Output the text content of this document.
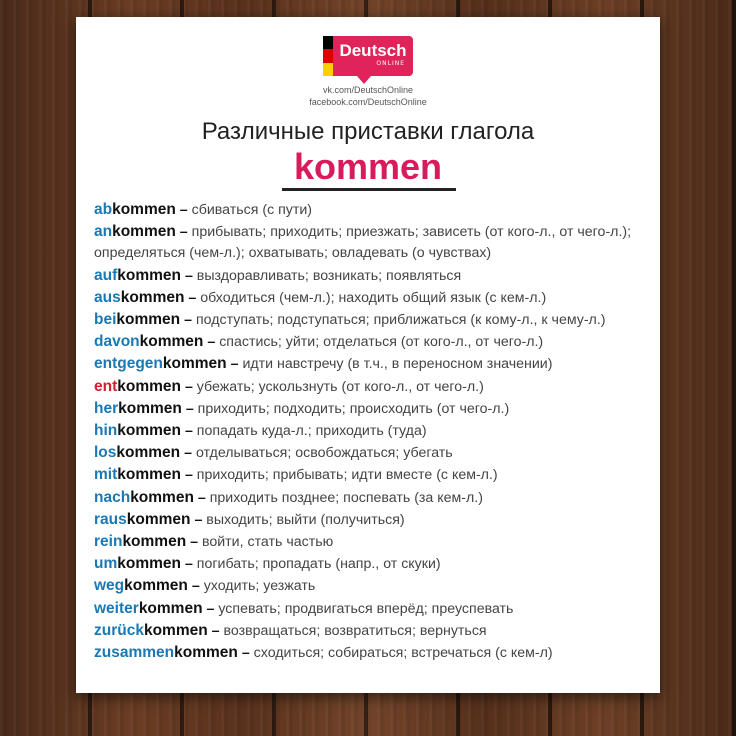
Deutsch
ONLINE
vk.com/DeutschOnline
facebook.com/DeutschOnline
Различные приставки глагола
kommen

abkommen – сбиваться (с пути)

ankommen – прибывать; приходить; приезжать; зависеть (от кого-л., от чего-л.); определяться (чем-л.); охватывать; овладевать (о чувствах)

aufkommen – выздоравливать; возникать; появляться

auskommen – обходиться (чем-л.); находить общий язык (с кем-л.)

beikommen – подступать; подступаться; приближаться (к кому-л., к чему-л.)

davonkommen – спастись; уйти; отделаться (от кого-л., от чего-л.)

entgegenkommen – идти навстречу (в т.ч., в переносном значении)

entkommen – убежать; ускользнуть (от кого-л., от чего-л.)

herkommen – приходить; подходить; происходить (от чего-л.)

hinkommen – попадать куда-л.; приходить (туда)

loskommen – отделываться; освобождаться; убегать

mitkommen – приходить; прибывать; идти вместе (с кем-л.)

nachkommen – приходить позднее; поспевать (за кем-л.)

rauskommen – выходить; выйти (получиться)

reinkommen – войти, стать частью

umkommen – погибать; пропадать (напр., от скуки)

wegkommen – уходить; уезжать

weiterkommen – успевать; продвигаться вперёд; преуспевать

zurückkommen – возвращаться; возвратиться; вернуться

zusammenkommen – сходиться; собираться; встречаться (с кем-л)
